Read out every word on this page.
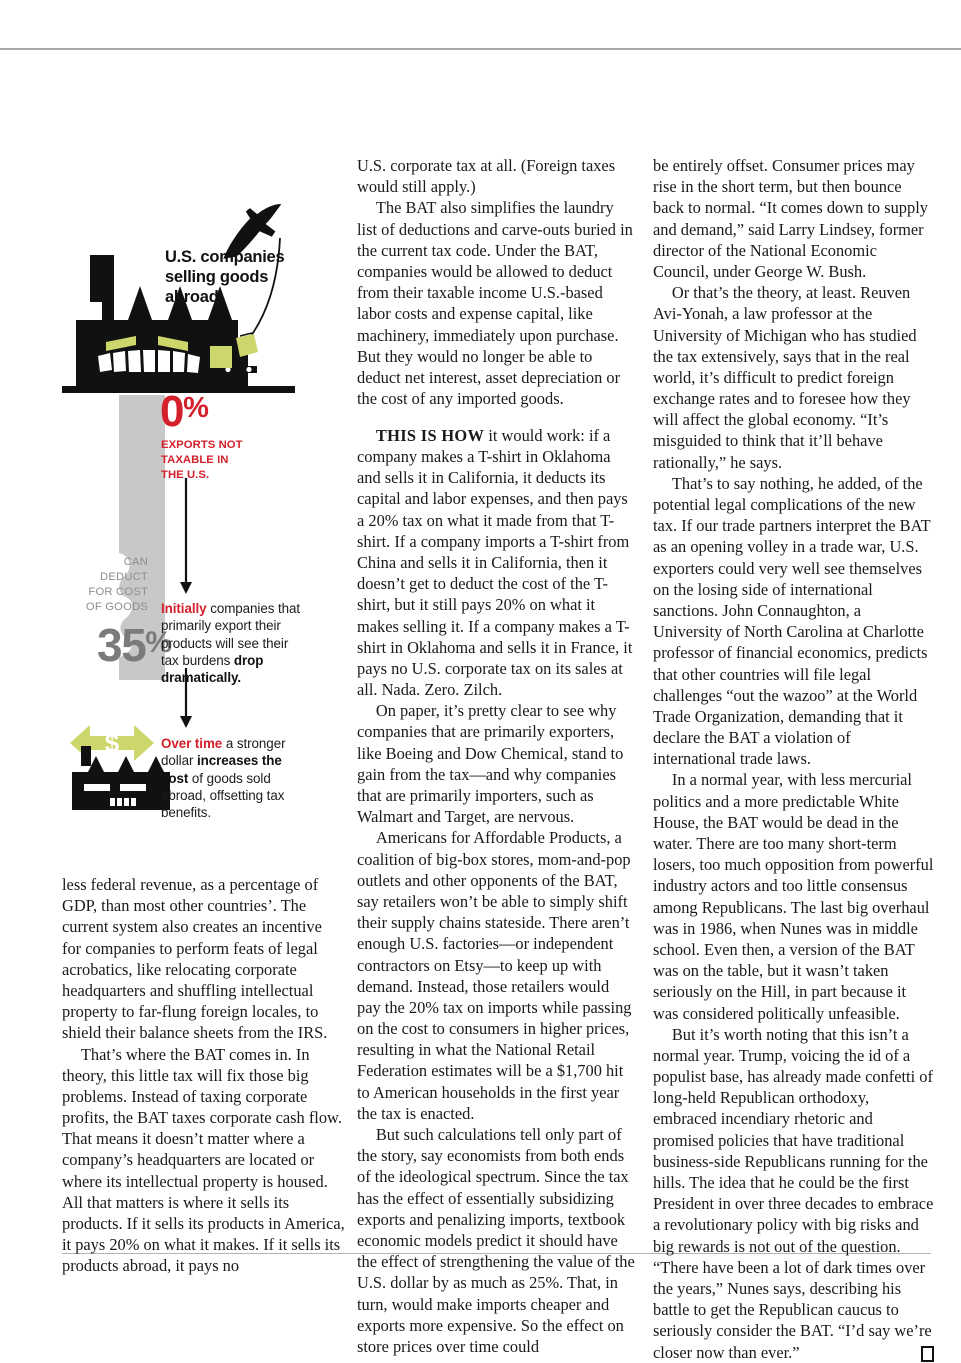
$
U.S. companies
selling goods
abroad
0%
EXPORTS NOT
TAXABLE IN
THE U.S.
CAN
DEDUCT
FOR COST
OF GOODS
35%
Initially companies that primarily export their products will see their tax burdens drop dramatically.
Over time a stronger dollar increases the cost of goods sold abroad, offsetting tax benefits.

less federal revenue, as a percentage of GDP, than most other countries’. The current system also creates an incentive for companies to perform feats of legal acrobatics, like relocating corporate headquarters and shuffling intellectual property to far-flung foreign locales, to shield their balance sheets from the IRS.

That’s where the BAT comes in. In theory, this little tax will fix those big problems. Instead of taxing corporate profits, the BAT taxes corporate cash flow. That means it doesn’t matter where a company’s headquarters are located or where its intellectual property is housed. All that matters is where it sells its products. If it sells its products in America, it pays 20% on what it makes. If it sells its products abroad, it pays no

U.S. corporate tax at all. (Foreign taxes would still apply.)

The BAT also simplifies the laundry list of deductions and carve-outs buried in the current tax code. Under the BAT, companies would be allowed to deduct from their taxable income U.S.-based labor costs and expense capital, like machinery, immediately upon purchase. But they would no longer be able to deduct net interest, asset depreciation or the cost of any imported goods.

THIS IS HOW it would work: if a company makes a T-shirt in Oklahoma and sells it in California, it deducts its capital and labor expenses, and then pays a 20% tax on what it made from that T-shirt. If a company imports a T-shirt from China and sells it in California, then it doesn’t get to deduct the cost of the T-shirt, but it still pays 20% on what it makes selling it. If a company makes a T-shirt in Oklahoma and sells it in France, it pays no U.S. corporate tax on its sales at all. Nada. Zero. Zilch.

On paper, it’s pretty clear to see why companies that are primarily exporters, like Boeing and Dow Chemical, stand to gain from the tax—and why companies that are primarily importers, such as Walmart and Target, are nervous.

Americans for Affordable Products, a coalition of big-box stores, mom-and-pop outlets and other opponents of the BAT, say retailers won’t be able to simply shift their supply chains stateside. There aren’t enough U.S. factories—or independent contractors on Etsy—to keep up with demand. Instead, those retailers would pay the 20% tax on imports while passing on the cost to consumers in higher prices, resulting in what the National Retail Federation estimates will be a $1,700 hit to American households in the first year the tax is enacted.

But such calculations tell only part of the story, say economists from both ends of the ideological spectrum. Since the tax has the effect of essentially subsidizing exports and penalizing imports, textbook economic models predict it should have the effect of strengthening the value of the U.S. dollar by as much as 25%. That, in turn, would make imports cheaper and exports more expensive. So the effect on store prices over time could

be entirely offset. Consumer prices may rise in the short term, but then bounce back to normal. “It comes down to supply and demand,” said Larry Lindsey, former director of the National Economic Council, under George W. Bush.

Or that’s the theory, at least. Reuven Avi-Yonah, a law professor at the University of Michigan who has studied the tax extensively, says that in the real world, it’s difficult to predict foreign exchange rates and to foresee how they will affect the global economy. “It’s misguided to think that it’ll behave rationally,” he says.

That’s to say nothing, he added, of the potential legal complications of the new tax. If our trade partners interpret the BAT as an opening volley in a trade war, U.S. exporters could very well see themselves on the losing side of international sanctions. John Connaughton, a University of North Carolina at Charlotte professor of financial economics, predicts that other countries will file legal challenges “out the wazoo” at the World Trade Organization, demanding that it declare the BAT a violation of international trade laws.

In a normal year, with less mercurial politics and a more predictable White House, the BAT would be dead in the water. There are too many short-term losers, too much opposition from powerful industry actors and too little consensus among Republicans. The last big overhaul was in 1986, when Nunes was in middle school. Even then, a version of the BAT was on the table, but it wasn’t taken seriously on the Hill, in part because it was considered politically unfeasible.

But it’s worth noting that this isn’t a normal year. Trump, voicing the id of a populist base, has already made confetti of long-held Republican orthodoxy, embraced incendiary rhetoric and promised policies that have traditional business-side Republicans running for the hills. The idea that he could be the first President in over three decades to embrace a revolutionary policy with big risks and big rewards is not out of the question. “There have been a lot of dark times over the years,” Nunes says, describing his battle to get the Republican caucus to seriously consider the BAT. “I’d say we’re closer now than ever.”
